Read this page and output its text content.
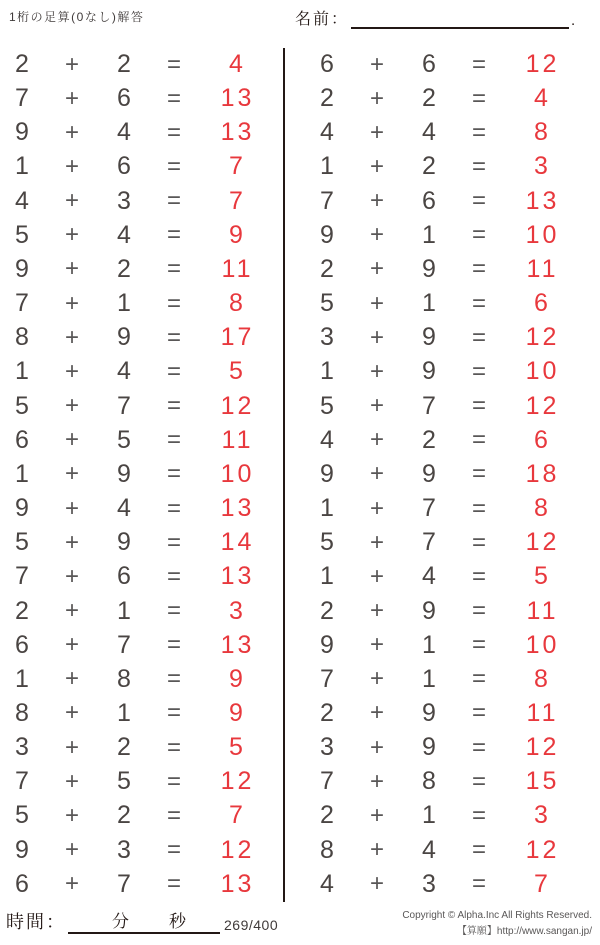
1桁の足算(0なし)解答	名前：	.
2	+	2	=	4
7	+	6	=	13
9	+	4	=	13
1	+	6	=	7
4	+	3	=	7
5	+	4	=	9
9	+	2	=	11
7	+	1	=	8
8	+	9	=	17
1	+	4	=	5
5	+	7	=	12
6	+	5	=	11
1	+	9	=	10
9	+	4	=	13
5	+	9	=	14
7	+	6	=	13
2	+	1	=	3
6	+	7	=	13
1	+	8	=	9
8	+	1	=	9
3	+	2	=	5
7	+	5	=	12
5	+	2	=	7
9	+	3	=	12
6	+	7	=	13
6	+	6	=	12
2	+	2	=	4
4	+	4	=	8
1	+	2	=	3
7	+	6	=	13
9	+	1	=	10
2	+	9	=	11
5	+	1	=	6
3	+	9	=	12
1	+	9	=	10
5	+	7	=	12
4	+	2	=	6
9	+	9	=	18
1	+	7	=	8
5	+	7	=	12
1	+	4	=	5
2	+	9	=	11
9	+	1	=	10
7	+	1	=	8
2	+	9	=	11
3	+	9	=	12
7	+	8	=	15
2	+	1	=	3
8	+	4	=	12
4	+	3	=	7
時間：	分 秒	269/400
Copyright © Alpha.Inc All Rights Reserved.
【算願】http://www.sangan.jp/
